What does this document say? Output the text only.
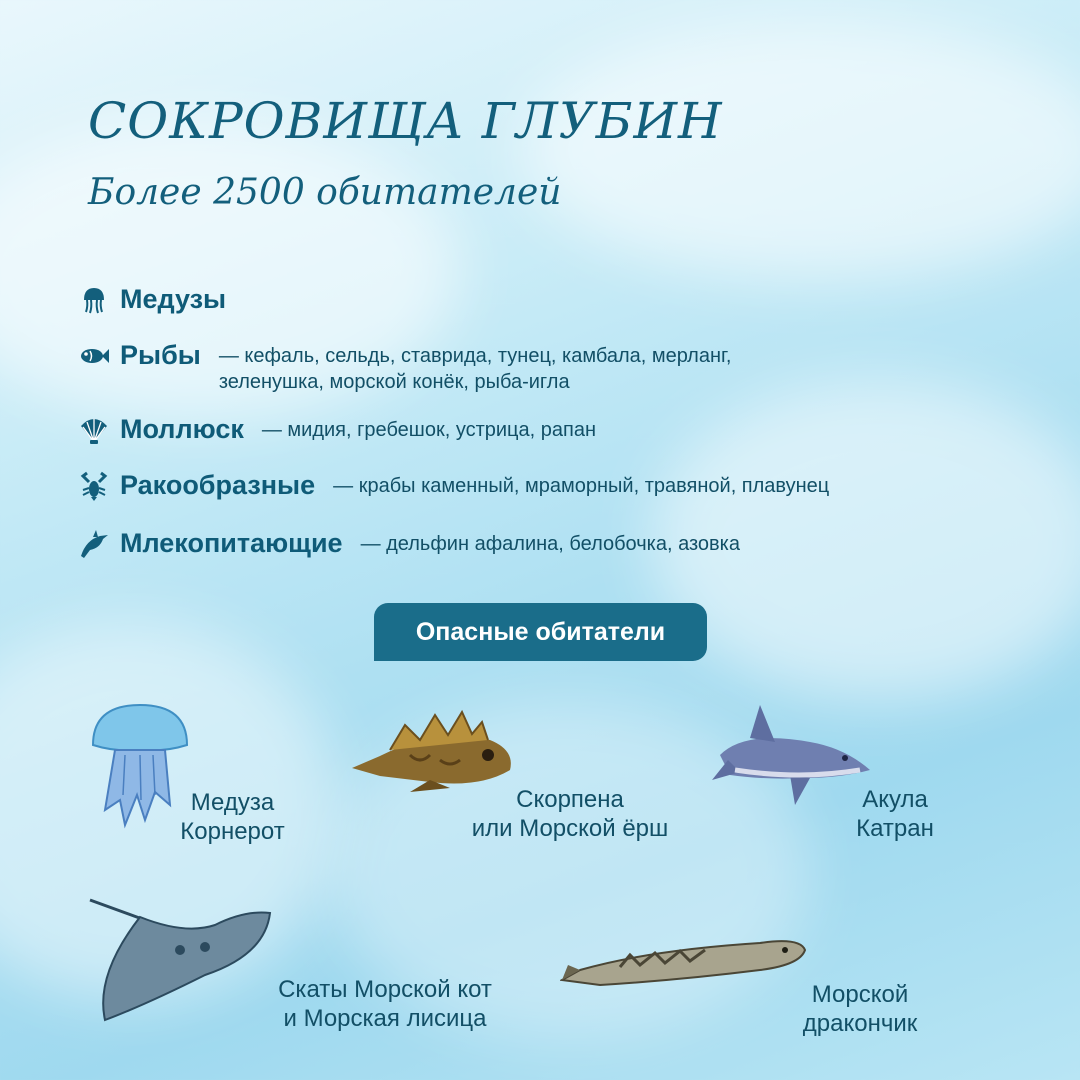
СОКРОВИЩА ГЛУБИН
Более 2500 обитателей
Медузы
Рыбы — кефаль, сельдь, ставрида, тунец, камбала, мерланг,
зеленушка, морской конёк, рыба-игла
Моллюск — мидия, гребешок, устрица, рапан
Ракообразные — крабы каменный, мраморный, травяной, плавунец
Млекопитающие — дельфин афалина, белобочка, азовка
Опасные обитатели
Медуза
Корнерот
Скорпена
или Морской ёрш
Акула
Катран
Скаты Морской кот
и Морская лисица
Морской
дракончик
